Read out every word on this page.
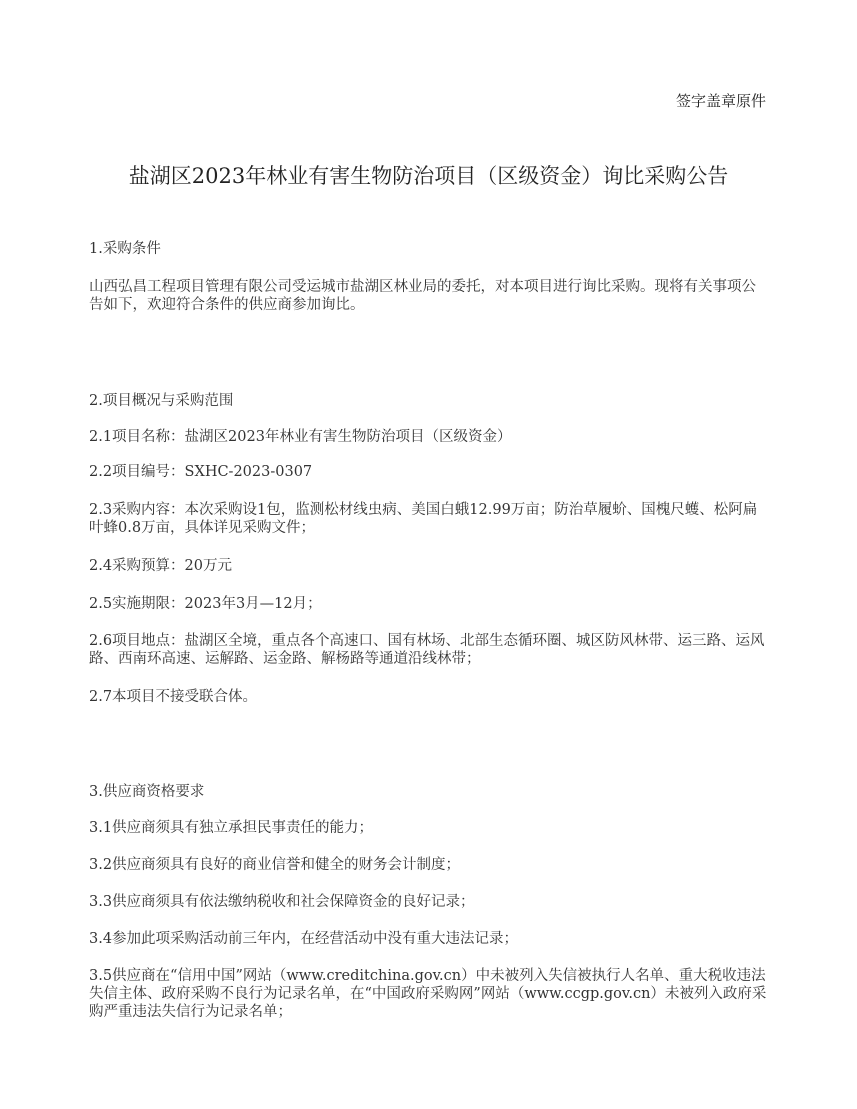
签字盖章原件
盐湖区2023年林业有害生物防治项目（区级资金）询比采购公告
1.采购条件

山西弘昌工程项目管理有限公司受运城市盐湖区林业局的委托，对本项目进行询比采购。现将有关事项公告如下，欢迎符合条件的供应商参加询比。

2.项目概况与采购范围
2.1项目名称：盐湖区2023年林业有害生物防治项目（区级资金）
2.2项目编号：SXHC-2023-0307
2.3采购内容：本次采购设1包，监测松材线虫病、美国白蛾12.99万亩；防治草履蚧、国槐尺蠖、松阿扁叶蜂0.8万亩，具体详见采购文件；
2.4采购预算：20万元
2.5实施期限：2023年3月—12月；
2.6项目地点：盐湖区全境，重点各个高速口、国有林场、北部生态循环圈、城区防风林带、运三路、运风路、西南环高速、运解路、运金路、解杨路等通道沿线林带；
2.7本项目不接受联合体。
3.供应商资格要求
3.1供应商须具有独立承担民事责任的能力；
3.2供应商须具有良好的商业信誉和健全的财务会计制度；
3.3供应商须具有依法缴纳税收和社会保障资金的良好记录；
3.4参加此项采购活动前三年内，在经营活动中没有重大违法记录；
3.5供应商在“信用中国”网站（www.creditchina.gov.cn）中未被列入失信被执行人名单、重大税收违法失信主体、政府采购不良行为记录名单，在“中国政府采购网”网站（www.ccgp.gov.cn）未被列入政府采购严重违法失信行为记录名单；
